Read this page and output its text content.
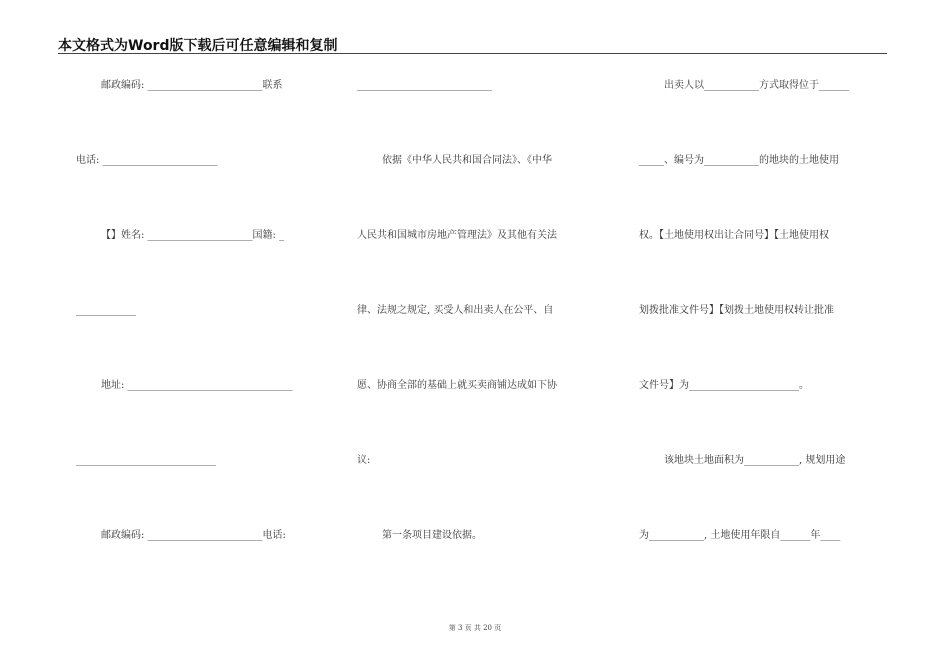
本文格式为Word版下载后可任意编辑和复制
邮政编码: _______________________联系
电话: _______________________
【】姓名: _____________________国籍: _
____________
地址: _________________________________
____________________________
邮政编码: _______________________电话:
___________________________
依据《中华人民共和国合同法》、《中华
人民共和国城市房地产管理法》及其他有关法
律、法规之规定, 买受人和出卖人在公平、自
愿、协商全部的基础上就买卖商铺达成如下协
议:
第一条项目建设依据。
出卖人以___________方式取得位于______
_____、编号为___________的地块的土地使用
权。【土地使用权出让合同号】【土地使用权
划拨批准文件号】【划拨土地使用权转让批准
文件号】为______________________。
该地块土地面积为___________, 规划用途
为___________, 土地使用年限自______年____
第 3 页 共 20 页
